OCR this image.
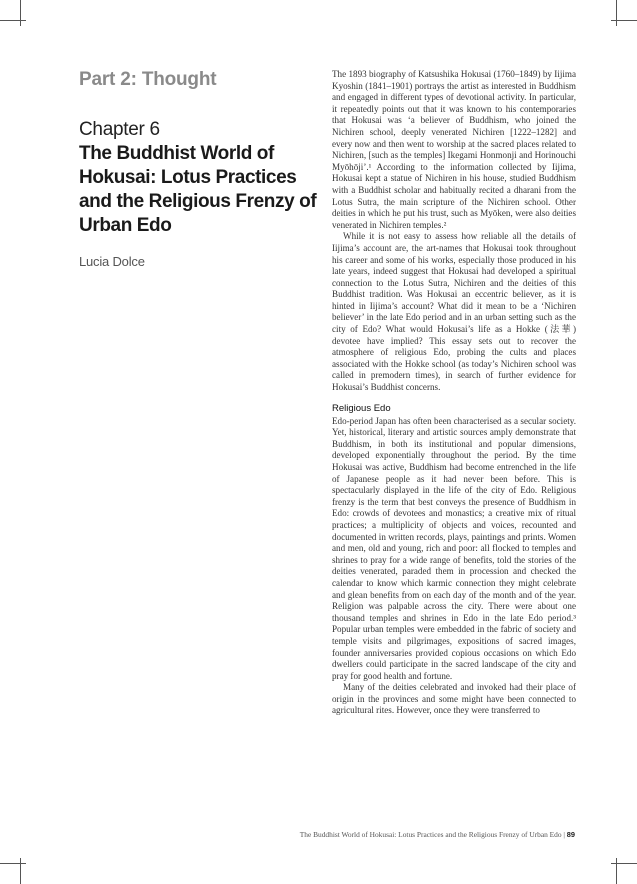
Part 2: Thought
Chapter 6
The Buddhist World of Hokusai: Lotus Practices and the Religious Frenzy of Urban Edo
Lucia Dolce

The 1893 biography of Katsushika Hokusai (1760–1849) by Iijima Kyoshin (1841–1901) portrays the artist as interested in Buddhism and engaged in different types of devotional activity. In particular, it repeatedly points out that it was known to his contemporaries that Hokusai was ‘a believer of Buddhism, who joined the Nichiren school, deeply venerated Nichiren [1222–1282] and every now and then went to worship at the sacred places related to Nichiren, [such as the temples] Ikegami Honmonji and Horinouchi Myōhōji’.¹ According to the information collected by Iijima, Hokusai kept a statue of Nichiren in his house, studied Buddhism with a Buddhist scholar and habitually recited a dharani from the Lotus Sutra, the main scripture of the Nichiren school. Other deities in which he put his trust, such as Myōken, were also deities venerated in Nichiren temples.²

While it is not easy to assess how reliable all the details of Iijima’s account are, the art-names that Hokusai took throughout his career and some of his works, especially those produced in his late years, indeed suggest that Hokusai had developed a spiritual connection to the Lotus Sutra, Nichiren and the deities of this Buddhist tradition. Was Hokusai an eccentric believer, as it is hinted in Iijima’s account? What did it mean to be a ‘Nichiren believer’ in the late Edo period and in an urban setting such as the city of Edo? What would Hokusai’s life as a Hokke (法華) devotee have implied? This essay sets out to recover the atmosphere of religious Edo, probing the cults and places associated with the Hokke school (as today’s Nichiren school was called in premodern times), in search of further evidence for Hokusai’s Buddhist concerns.

Religious Edo

Edo-period Japan has often been characterised as a secular society. Yet, historical, literary and artistic sources amply demonstrate that Buddhism, in both its institutional and popular dimensions, developed exponentially throughout the period. By the time Hokusai was active, Buddhism had become entrenched in the life of Japanese people as it had never been before. This is spectacularly displayed in the life of the city of Edo. Religious frenzy is the term that best conveys the presence of Buddhism in Edo: crowds of devotees and monastics; a creative mix of ritual practices; a multiplicity of objects and voices, recounted and documented in written records, plays, paintings and prints. Women and men, old and young, rich and poor: all flocked to temples and shrines to pray for a wide range of benefits, told the stories of the deities venerated, paraded them in procession and checked the calendar to know which karmic connection they might celebrate and glean benefits from on each day of the month and of the year. Religion was palpable across the city. There were about one thousand temples and shrines in Edo in the late Edo period.³ Popular urban temples were embedded in the fabric of society and temple visits and pilgrimages, expositions of sacred images, founder anniversaries provided copious occasions on which Edo dwellers could participate in the sacred landscape of the city and pray for good health and fortune.

Many of the deities celebrated and invoked had their place of origin in the provinces and some might have been connected to agricultural rites. However, once they were transferred to

The Buddhist World of Hokusai: Lotus Practices and the Religious Frenzy of Urban Edo | 89
